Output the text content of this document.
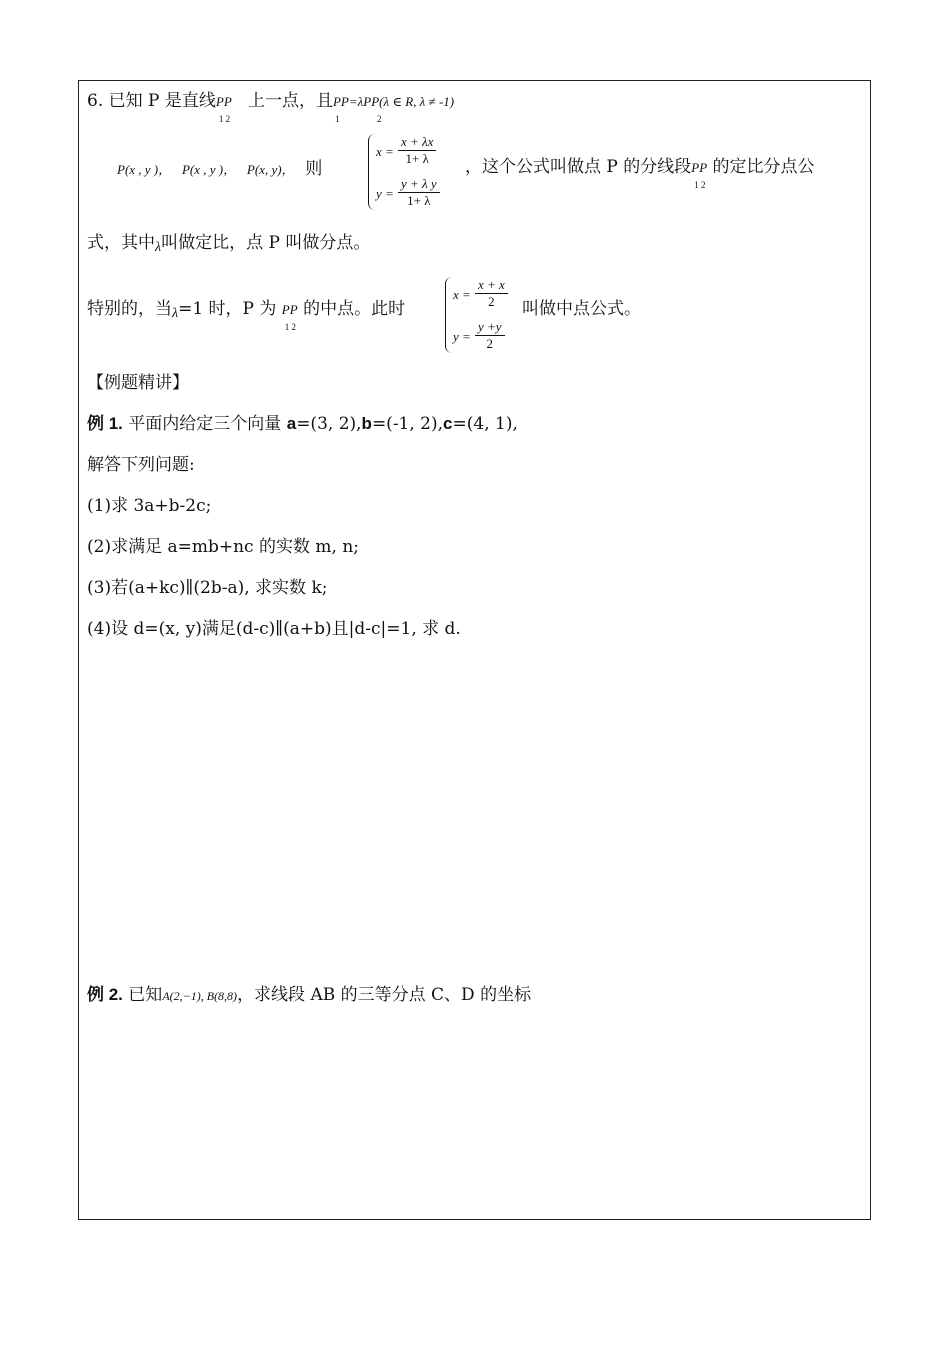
6. 已知 P 是直线PP
1 2
上一点，且PP=λPP
1	2
(λ ∈ R, λ ≠ -1)
P(x , y )， P(x , y )， P(x, y)， 则
$x = \frac{x + \lambda x}{1+ \lambda}$
$y = \frac{\text{y + λ y}}{1+ \lambda}$
，这个公式叫做点 P 的分线段PP
1 2
的定比分点公
式，其中λ叫做定比，点 P 叫做分点。
特别的，当λ=1 时，P 为 PP
1 2
的中点。此时
$x = \frac{x + x}{2}$
$y = \frac{y +y}{2}$
叫做中点公式。
【例题精讲】
例 1. 平面内给定三个向量 a=(3, 2),b=(-1, 2),c=(4, 1),
解答下列问题:
(1)求 3a+b-2c;
(2)求满足 a=mb+nc 的实数 m, n;
(3)若(a+kc)∥(2b-a), 求实数 k;
(4)设 d=(x, y)满足(d-c)∥(a+b)且|d-c|=1, 求 d.
例 2. 已知A(2,−1), B(8,8)，求线段 AB 的三等分点 C、D 的坐标
